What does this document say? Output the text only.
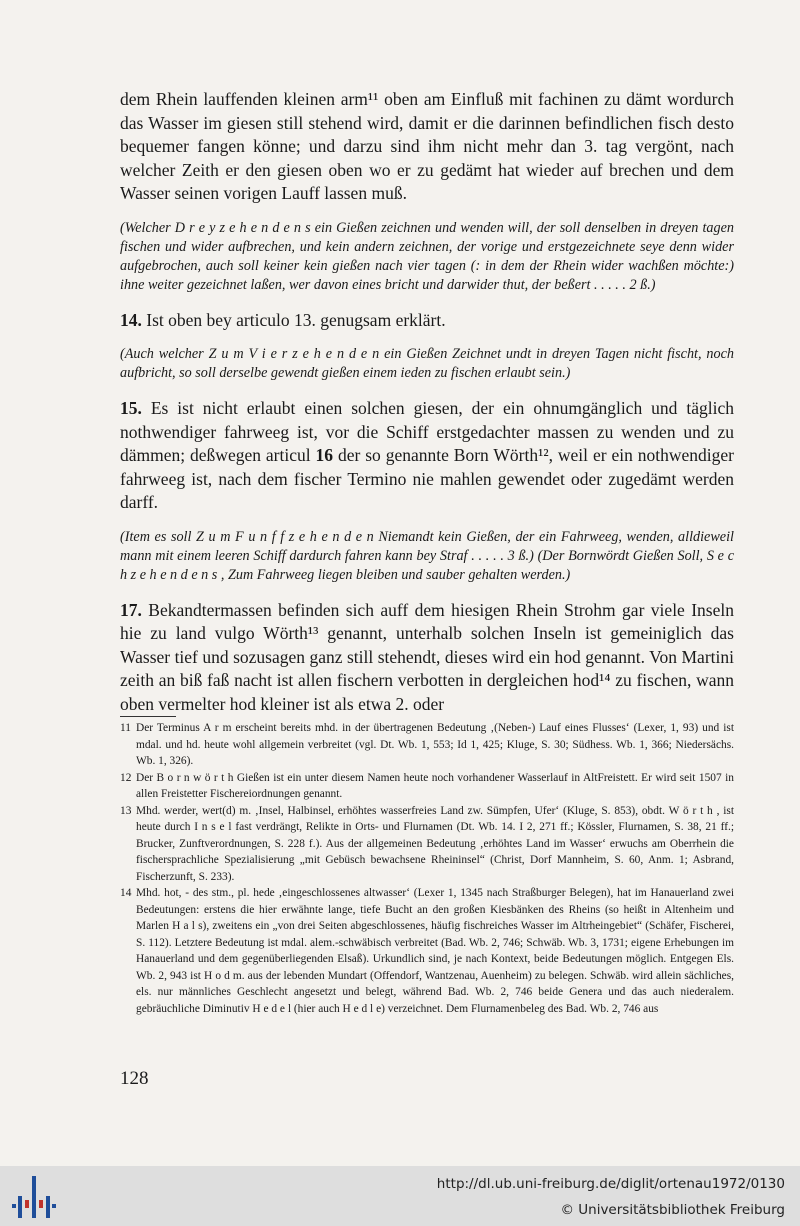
dem Rhein lauffenden kleinen arm¹¹ oben am Einfluß mit fachinen zu dämt wordurch das Wasser im giesen still stehend wird, damit er die darinnen befindlichen fisch desto bequemer fangen könne; und darzu sind ihm nicht mehr dan 3. tag vergönt, nach welcher Zeith er den giesen oben wo er zu gedämt hat wieder auf brechen und dem Wasser seinen vorigen Lauff lassen muß.

(Welcher D r e y z e h e n d e n s ein Gießen zeichnen und wenden will, der soll denselben in dreyen tagen fischen und wider aufbrechen, und kein andern zeichnen, der vorige und erstgezeichnete seye denn wider aufgebrochen, auch soll keiner kein gießen nach vier tagen (: in dem der Rhein wider wachßen möchte:) ihne weiter gezeichnet laßen, wer davon eines bricht und darwider thut, der beßert . . . . . 2 ß.)

14. Ist oben bey articulo 13. genugsam erklärt.

(Auch welcher Z u m V i e r z e h e n d e n ein Gießen Zeichnet undt in dreyen Tagen nicht fischt, noch aufbricht, so soll derselbe gewendt gießen einem ieden zu fischen erlaubt sein.)

15. Es ist nicht erlaubt einen solchen giesen, der ein ohnumgänglich und täglich nothwendiger fahrweeg ist, vor die Schiff erstgedachter massen zu wenden und zu dämmen; deßwegen articul 16 der so genannte Born Wörth¹², weil er ein nothwendiger fahrweeg ist, nach dem fischer Termino nie mahlen gewendet oder zugedämt werden darff.

(Item es soll Z u m F u n f f z e h e n d e n Niemandt kein Gießen, der ein Fahrweeg, wenden, alldieweil mann mit einem leeren Schiff dardurch fahren kann bey Straf . . . . . 3 ß.) (Der Bornwördt Gießen Soll, S e c h z e h e n d e n s , Zum Fahrweeg liegen bleiben und sauber gehalten werden.)

17. Bekandtermassen befinden sich auff dem hiesigen Rhein Strohm gar viele Inseln hie zu land vulgo Wörth¹³ genannt, unterhalb solchen Inseln ist gemeiniglich das Wasser tief und sozusagen ganz still stehendt, dieses wird ein hod genannt. Von Martini zeith an biß faß nacht ist allen fischern verbotten in dergleichen hod¹⁴ zu fischen, wann oben vermelter hod kleiner ist als etwa 2. oder

11 Der Terminus A r m erscheint bereits mhd. in der übertragenen Bedeutung ‚(Neben-) Lauf eines Flusses‘ (Lexer, 1, 93) und ist mdal. und hd. heute wohl allgemein verbreitet (vgl. Dt. Wb. 1, 553; Id 1, 425; Kluge, S. 30; Südhess. Wb. 1, 366; Niedersächs. Wb. 1, 326).
12 Der B o r n w ö r t h Gießen ist ein unter diesem Namen heute noch vorhandener Wasserlauf in AltFreistett. Er wird seit 1507 in allen Freistetter Fischereiordnungen genannt.
13 Mhd. werder, wert(d) m. ‚Insel, Halbinsel, erhöhtes wasserfreies Land zw. Sümpfen, Ufer‘ (Kluge, S. 853), obdt. W ö r t h , ist heute durch I n s e l fast verdrängt, Relikte in Orts- und Flurnamen (Dt. Wb. 14. I 2, 271 ff.; Kössler, Flurnamen, S. 38, 21 ff.; Brucker, Zunftverordnungen, S. 228 f.). Aus der allgemeinen Bedeutung ‚erhöhtes Land im Wasser‘ erwuchs am Oberrhein die fischersprachliche Spezialisierung „mit Gebüsch bewachsene Rheininsel“ (Christ, Dorf Mannheim, S. 60, Anm. 1; Asbrand, Fischerzunft, S. 233).
14 Mhd. hot, - des stm., pl. hede ‚eingeschlossenes altwasser‘ (Lexer 1, 1345 nach Straßburger Belegen), hat im Hanauerland zwei Bedeutungen: erstens die hier erwähnte lange, tiefe Bucht an den großen Kiesbänken des Rheins (so heißt in Altenheim und Marlen H a l s), zweitens ein „von drei Seiten abgeschlossenes, häufig fischreiches Wasser im Altrheingebiet“ (Schäfer, Fischerei, S. 112). Letztere Bedeutung ist mdal. alem.-schwäbisch verbreitet (Bad. Wb. 2, 746; Schwäb. Wb. 3, 1731; eigene Erhebungen im Hanauerland und dem gegenüberliegenden Elsaß). Urkundlich sind, je nach Kontext, beide Bedeutungen möglich. Entgegen Els. Wb. 2, 943 ist H o d m. aus der lebenden Mundart (Offendorf, Wantzenau, Auenheim) zu belegen. Schwäb. wird allein sächliches, els. nur männliches Geschlecht angesetzt und belegt, während Bad. Wb. 2, 746 beide Genera und das auch niederalem. gebräuchliche Diminutiv H e d e l (hier auch H e d l e) verzeichnet. Dem Flurnamenbeleg des Bad. Wb. 2, 746 aus
128
http://dl.ub.uni-freiburg.de/diglit/ortenau1972/0130
© Universitätsbibliothek Freiburg
